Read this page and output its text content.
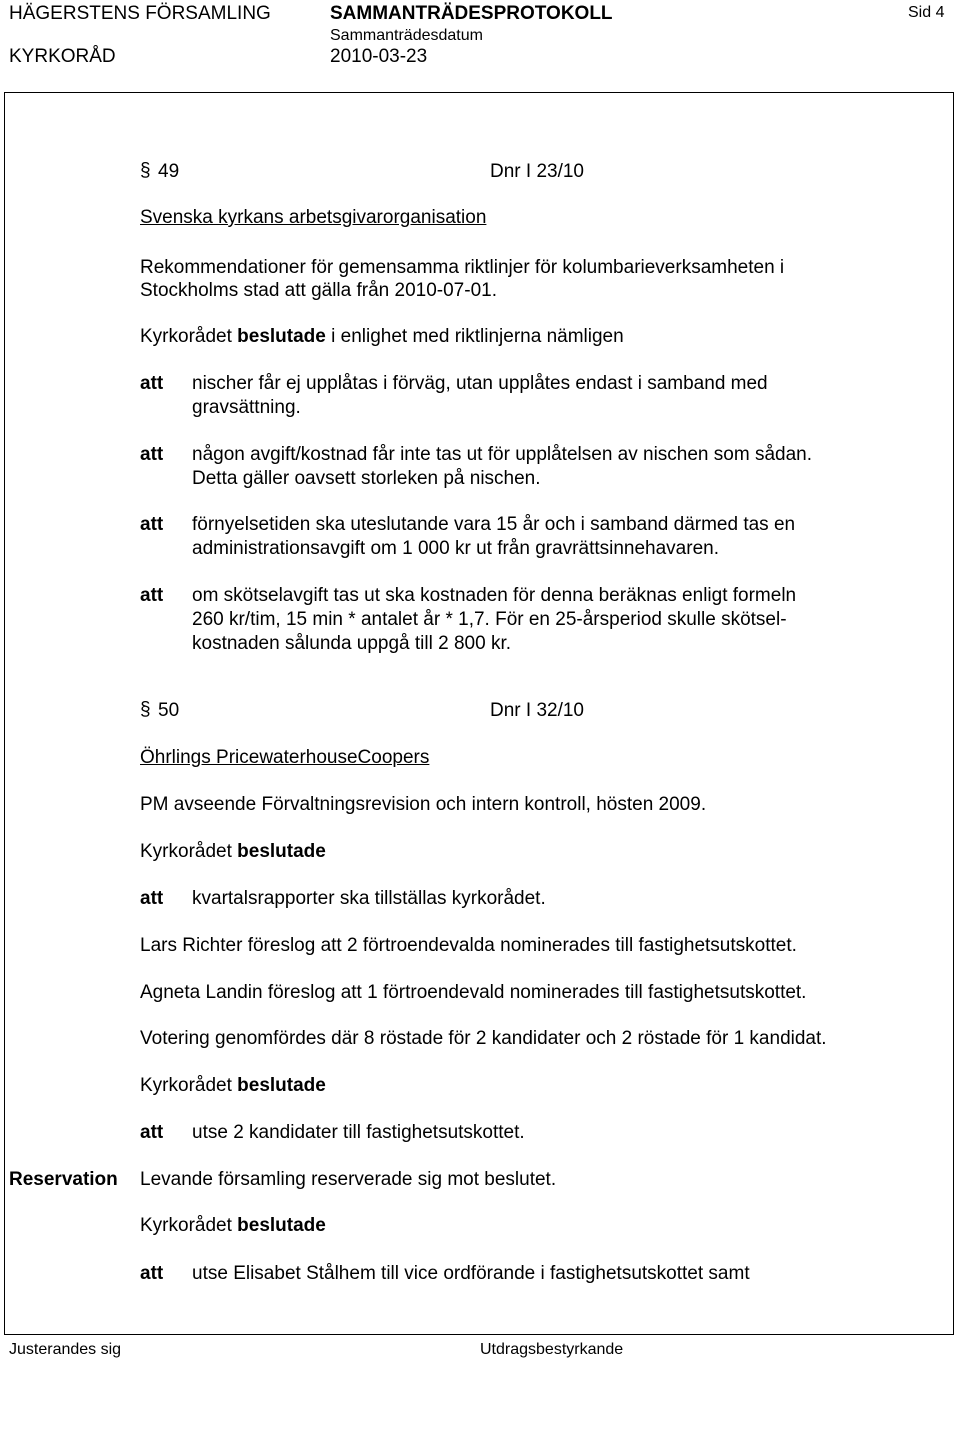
HÄGERSTENS FÖRSAMLING	SAMMANTRÄDESPROTOKOLL	Sid 4
KYRKORÅD
Sammanträdesdatum
2010-03-23
§ 49	Dnr I 23/10
Svenska kyrkans arbetsgivarorganisation
Rekommendationer för gemensamma riktlinjer för kolumbarieverksamheten i
Stockholms stad att gälla från 2010-07-01.
Kyrkorådet beslutade i enlighet med riktlinjerna nämligen
att nischer får ej upplåtas i förväg, utan upplåtes endast i samband med
gravsättning.
att någon avgift/kostnad får inte tas ut för upplåtelsen av nischen som sådan.
Detta gäller oavsett storleken på nischen.
att förnyelsetiden ska uteslutande vara 15 år och i samband därmed tas en
administrationsavgift om 1 000 kr ut från gravrättsinnehavaren.
att om skötselavgift tas ut ska kostnaden för denna beräknas enligt formeln
260 kr/tim, 15 min * antalet år * 1,7. För en 25-årsperiod skulle skötsel-
kostnaden sålunda uppgå till 2 800 kr.
§ 50	Dnr I 32/10
Öhrlings PricewaterhouseCoopers
PM avseende Förvaltningsrevision och intern kontroll, hösten 2009.
Kyrkorådet beslutade
att kvartalsrapporter ska tillställas kyrkorådet.
Lars Richter föreslog att 2 förtroendevalda nominerades till fastighetsutskottet.
Agneta Landin föreslog att 1 förtroendevald nominerades till fastighetsutskottet.
Votering genomfördes där 8 röstade för 2 kandidater och 2 röstade för 1 kandidat.
Kyrkorådet beslutade
att utse 2 kandidater till fastighetsutskottet.
Reservation Levande församling reserverade sig mot beslutet.
Kyrkorådet beslutade
att utse Elisabet Stålhem till vice ordförande i fastighetsutskottet samt
Justerandes sig	Utdragsbestyrkande
